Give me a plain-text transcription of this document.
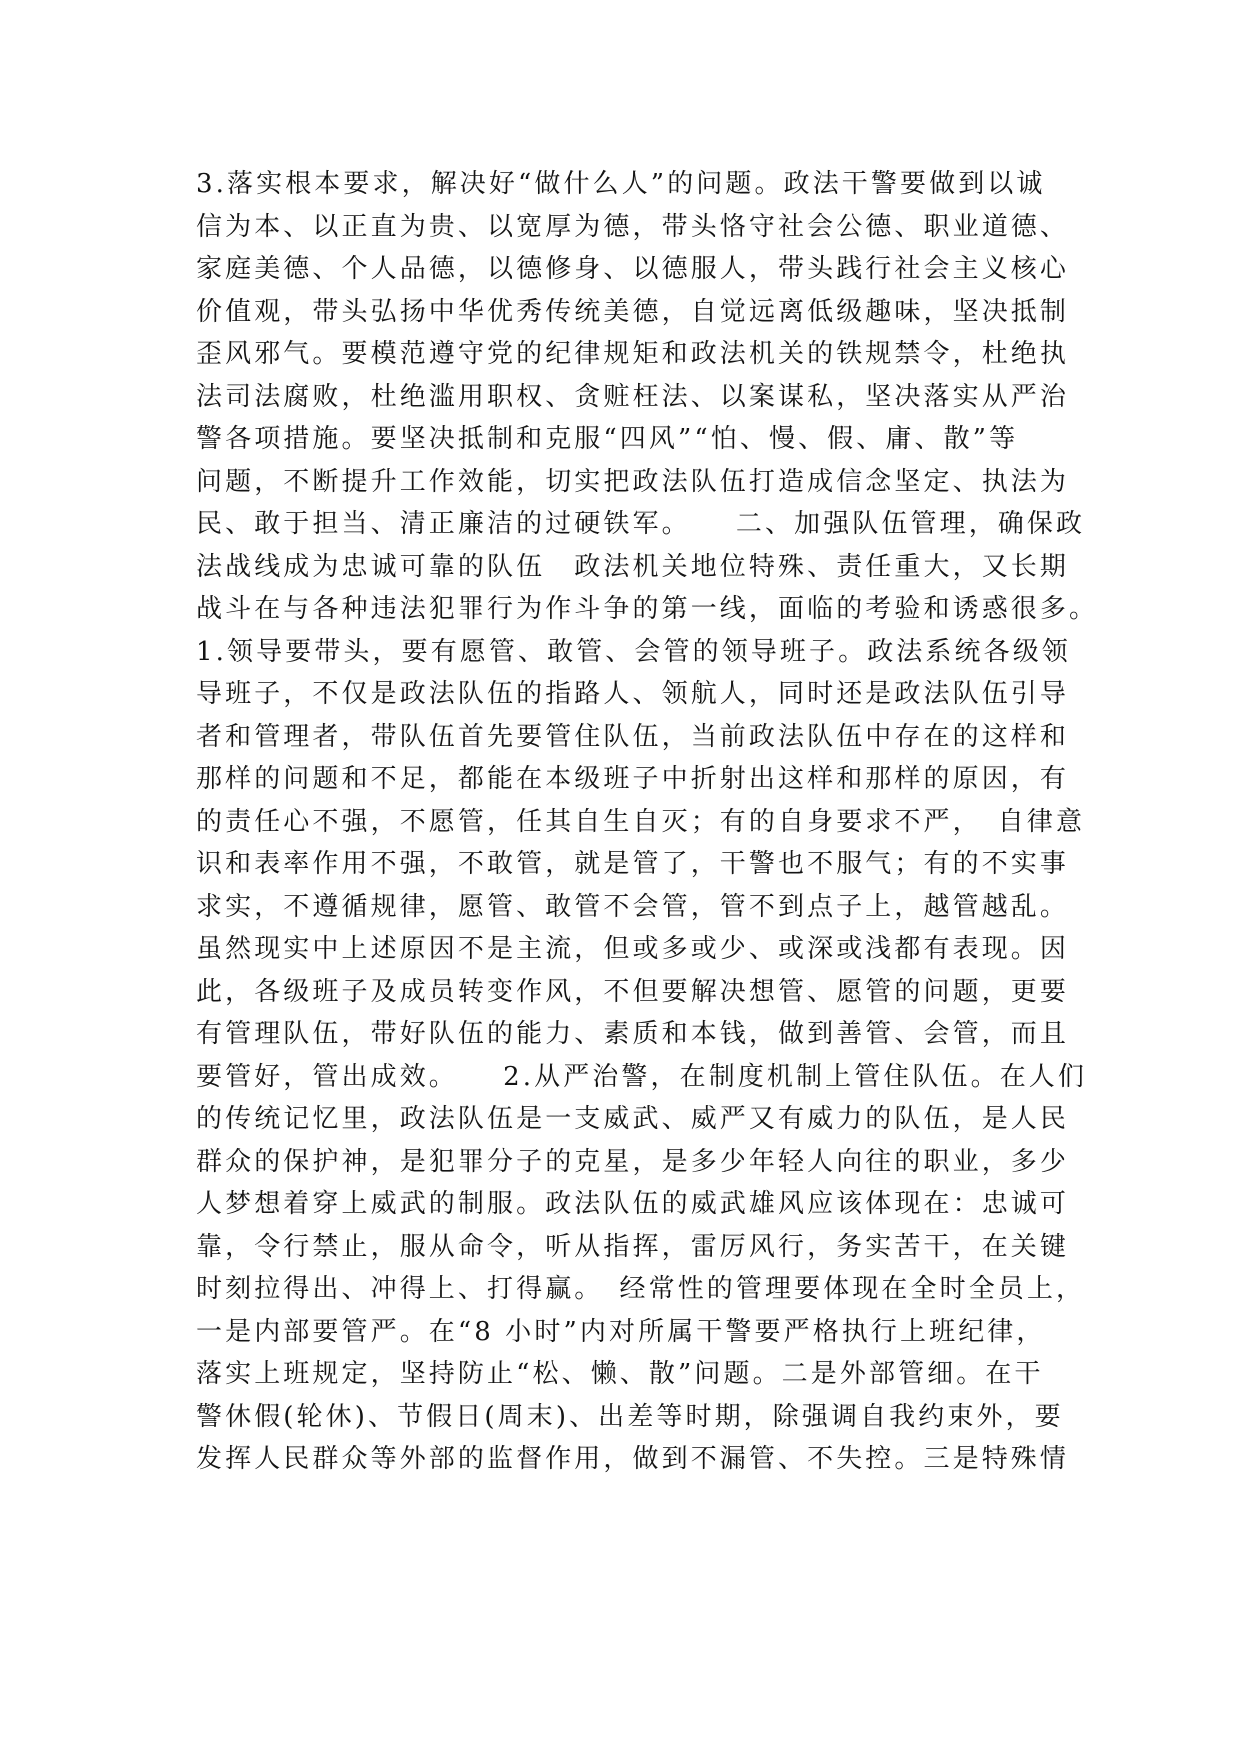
3.落实根本要求，解决好“做什么人”的问题。政法干警要做到以诚
信为本、以正直为贵、以宽厚为德，带头恪守社会公德、职业道德、
家庭美德、个人品德，以德修身、以德服人，带头践行社会主义核心
价值观，带头弘扬中华优秀传统美德，自觉远离低级趣味，坚决抵制
歪风邪气。要模范遵守党的纪律规矩和政法机关的铁规禁令，杜绝执
法司法腐败，杜绝滥用职权、贪赃枉法、以案谋私，坚决落实从严治
警各项措施。要坚决抵制和克服“四风”“怕、慢、假、庸、散”等
问题，不断提升工作效能，切实把政法队伍打造成信念坚定、执法为
民、敢于担当、清正廉洁的过硬铁军。　　二、加强队伍管理，确保政
法战线成为忠诚可靠的队伍　政法机关地位特殊、责任重大，又长期
战斗在与各种违法犯罪行为作斗争的第一线，面临的考验和诱惑很多。
1.领导要带头，要有愿管、敢管、会管的领导班子。政法系统各级领
导班子，不仅是政法队伍的指路人、领航人，同时还是政法队伍引导
者和管理者，带队伍首先要管住队伍，当前政法队伍中存在的这样和
那样的问题和不足，都能在本级班子中折射出这样和那样的原因，有
的责任心不强，不愿管，任其自生自灭；有的自身要求不严，　自律意
识和表率作用不强，不敢管，就是管了，干警也不服气；有的不实事
求实，不遵循规律，愿管、敢管不会管，管不到点子上，越管越乱。
虽然现实中上述原因不是主流，但或多或少、或深或浅都有表现。因
此，各级班子及成员转变作风，不但要解决想管、愿管的问题，更要
有管理队伍，带好队伍的能力、素质和本钱，做到善管、会管，而且
要管好，管出成效。　　2.从严治警，在制度机制上管住队伍。在人们
的传统记忆里，政法队伍是一支威武、威严又有威力的队伍，是人民
群众的保护神，是犯罪分子的克星，是多少年轻人向往的职业，多少
人梦想着穿上威武的制服。政法队伍的威武雄风应该体现在：忠诚可
靠，令行禁止，服从命令，听从指挥，雷厉风行，务实苦干，在关键
时刻拉得出、冲得上、打得赢。　经常性的管理要体现在全时全员上，
一是内部要管严。在“8 小时”内对所属干警要严格执行上班纪律，
落实上班规定，坚持防止“松、懒、散”问题。二是外部管细。在干
警休假(轮休)、节假日(周末)、出差等时期，除强调自我约束外，要
发挥人民群众等外部的监督作用，做到不漏管、不失控。三是特殊情
